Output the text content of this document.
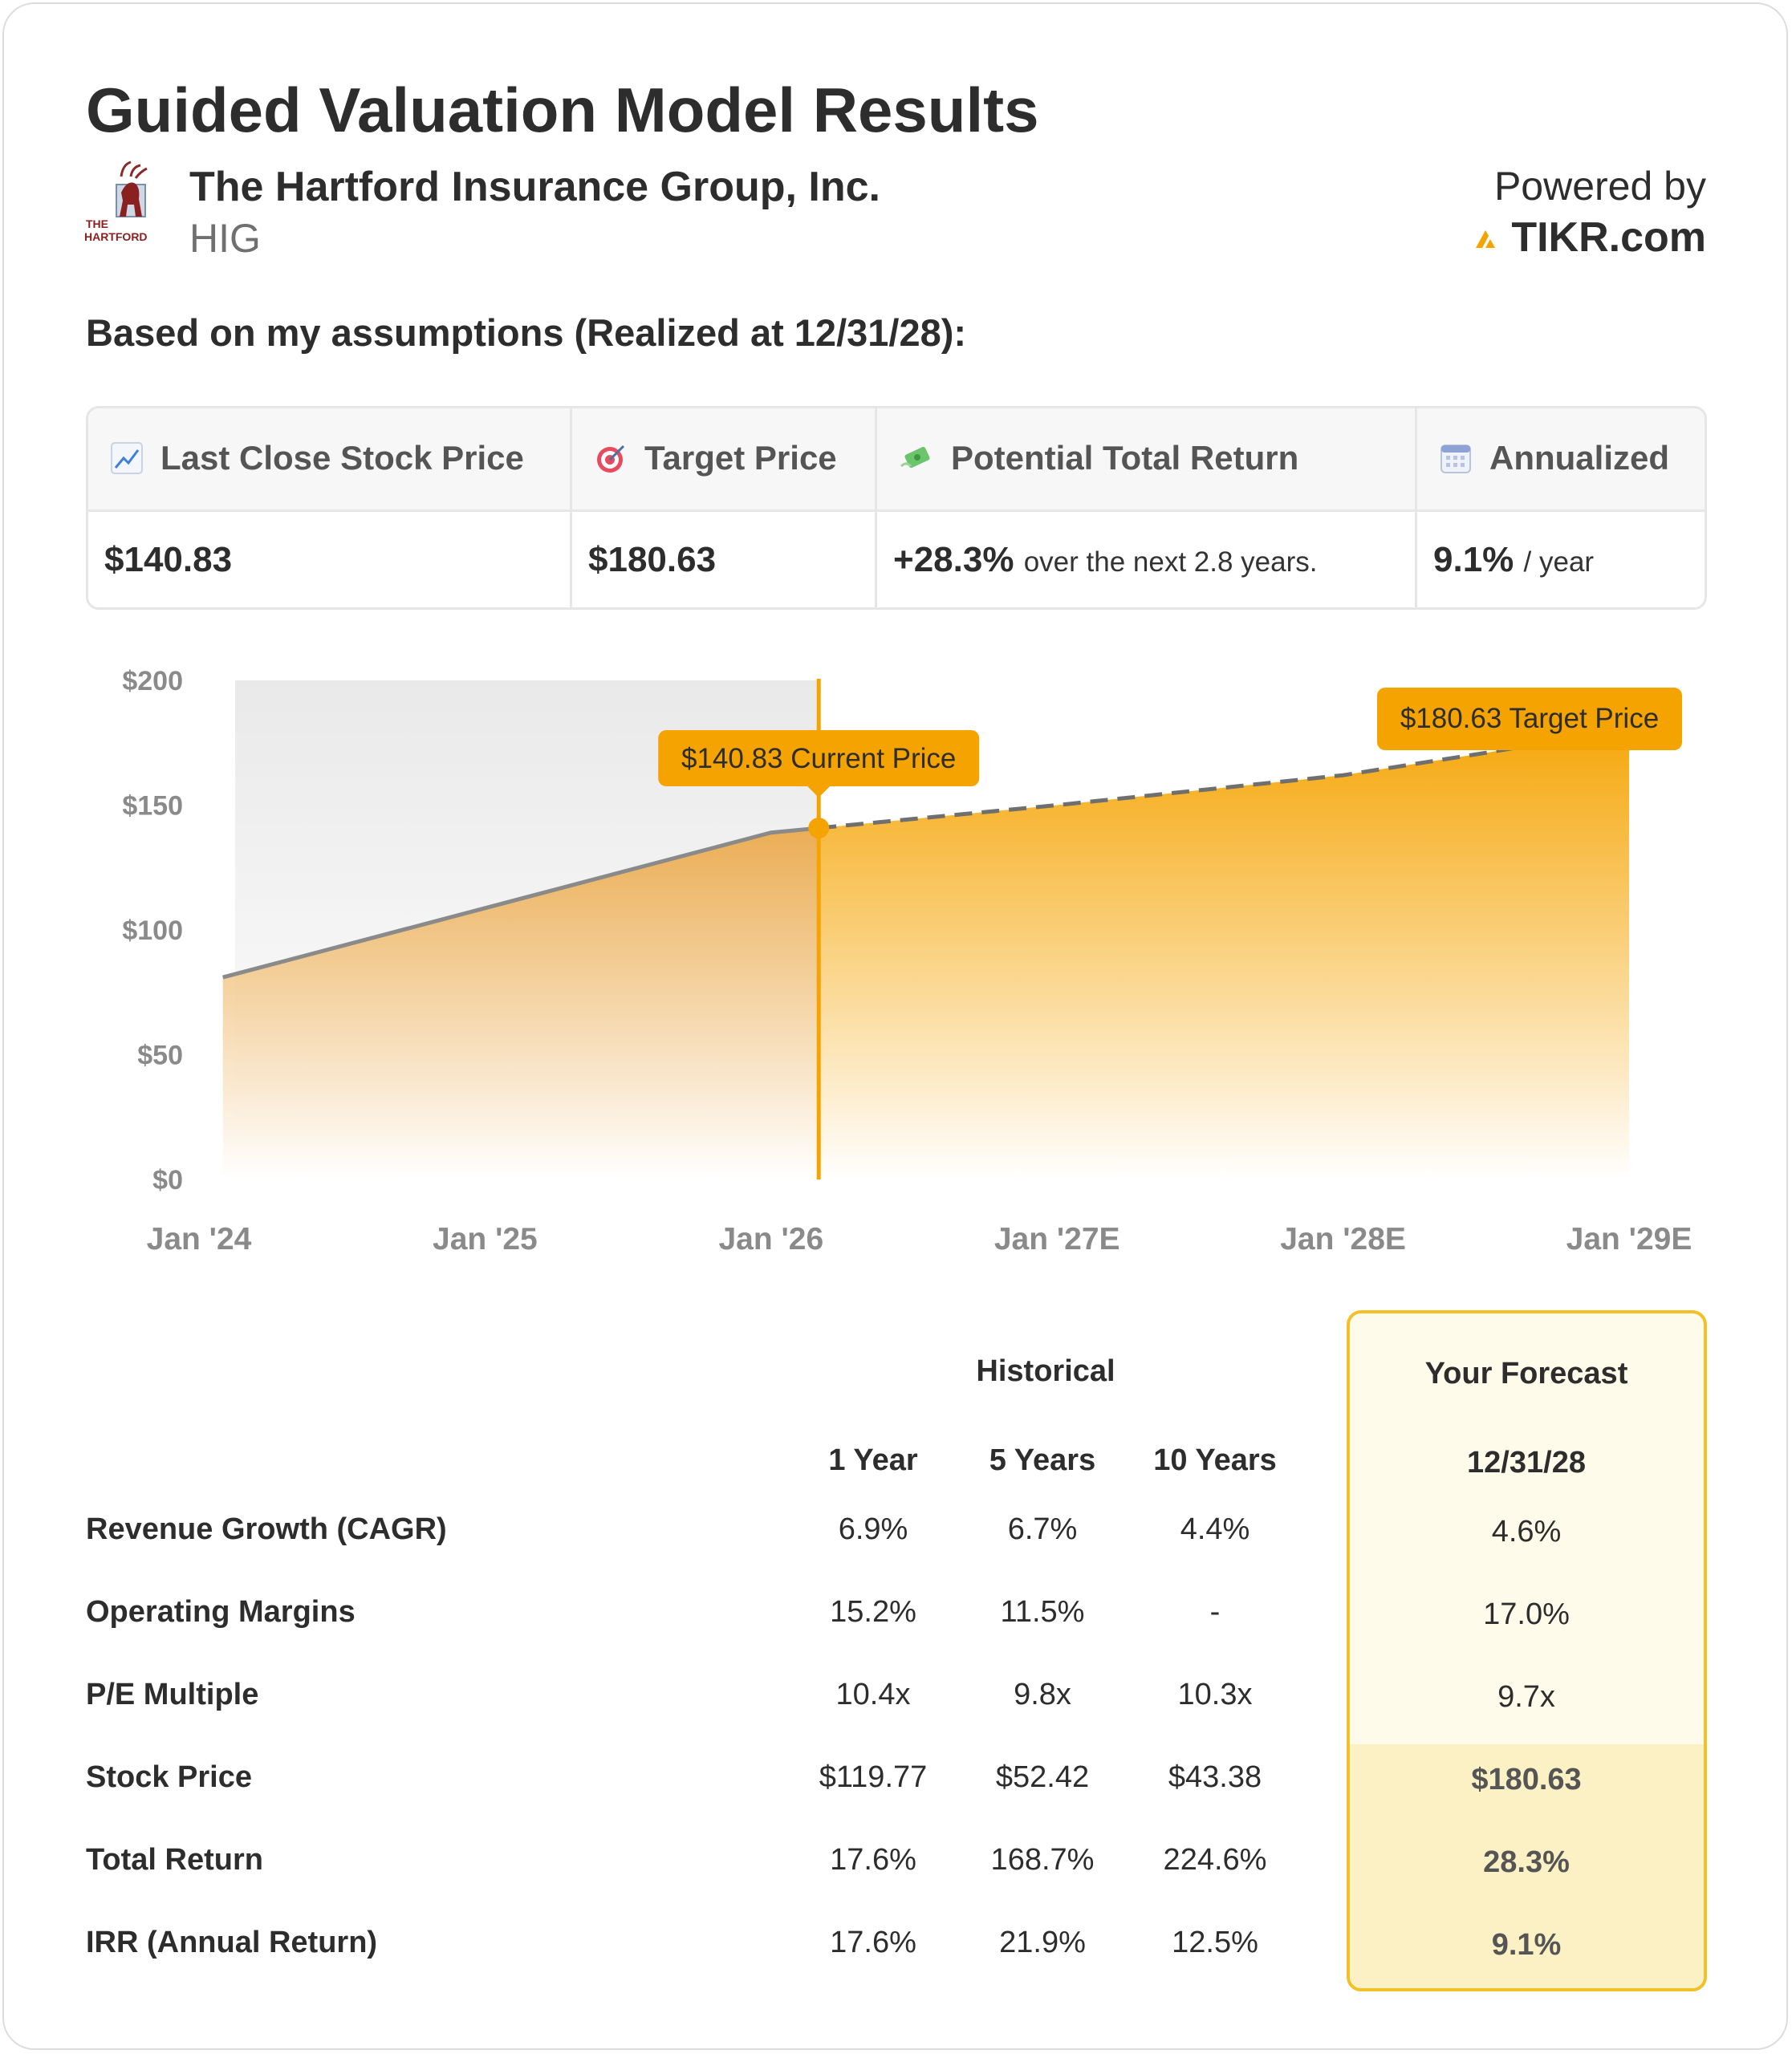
Guided Valuation Model Results
THE
HARTFORD
The Hartford Insurance Group, Inc.
HIG
Powered by
TIKR.com
Based on my assumptions (Realized at 12/31/28):
Last Close Stock Price
$140.83
Target Price
$180.63
Potential Total Return
+28.3% over the next 2.8 years.
Annualized
9.1% / year
$140.83 Current Price
$180.63 Target Price
$0
$50
$100
$150
$200
Jan '24	Jan '25	Jan '26	Jan '27E	Jan '28E	Jan '29E
Historical	Your Forecast
1 Year 5 Years 10 Years	12/31/28
Revenue Growth (CAGR)	6.9%	6.7%	4.4%	4.6%
Operating Margins	15.2%	11.5%	-	17.0%
P/E Multiple	10.4x	9.8x	10.3x	9.7x
Stock Price	$119.77 $52.42	$43.38	$180.63
Total Return	17.6% 168.7% 224.6%	28.3%
IRR (Annual Return)	17.6%	21.9%	12.5%	9.1%
